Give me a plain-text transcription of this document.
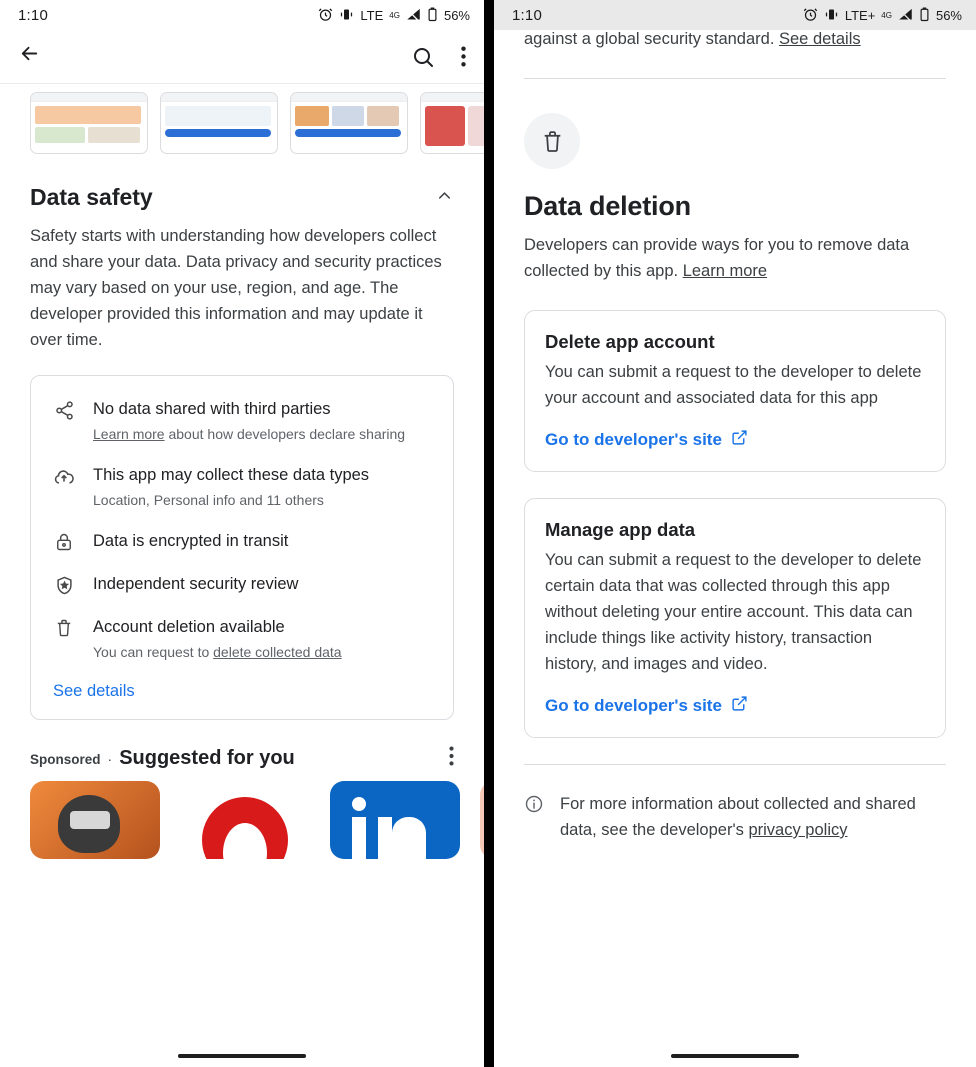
1:10	LTE 4G	56%
Data safety
Safety starts with understanding how developers collect and share your data. Data privacy and security practices may vary based on your use, region, and age. The developer provided this information and may update it over time.
No data shared with third parties
Learn more about how developers declare sharing
This app may collect these data types
Location, Personal info and 11 others
Data is encrypted in transit
Independent security review
Account deletion available
You can request to delete collected data
See details
Sponsored · Suggested for you
1:10	LTE+ 4G	56%
against a global security standard. See details
Data deletion
Developers can provide ways for you to remove data collected by this app. Learn more
Delete app account
You can submit a request to the developer to delete your account and associated data for this app
Go to developer's site
Manage app data
You can submit a request to the developer to delete certain data that was collected through this app without deleting your entire account. This data can include things like activity history, transaction history, and images and video.
Go to developer's site
For more information about collected and shared data, see the developer's privacy policy
